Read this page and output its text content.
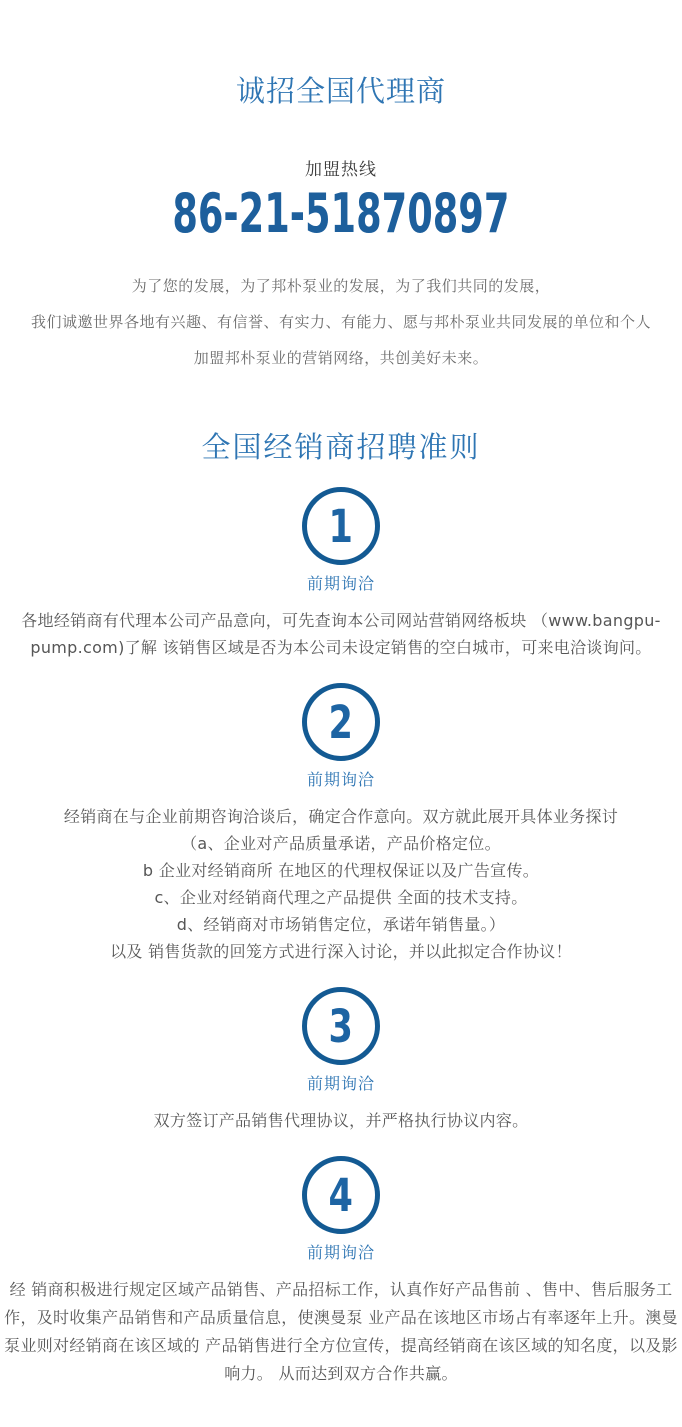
诚招全国代理商
加盟热线
86-21-51870897

为了您的发展，为了邦朴泵业的发展，为了我们共同的发展，

我们诚邀世界各地有兴趣、有信誉、有实力、有能力、愿与邦朴泵业共同发展的单位和个人

加盟邦朴泵业的营销网络，共创美好未来。

全国经销商招聘准则
1
前期询洽
各地经销商有代理本公司产品意向，可先查询本公司网站营销网络板块 （www.bangpu-pump.com)了解 该销售区域是否为本公司未设定销售的空白城市，可来电洽谈询问。
2
前期询洽
经销商在与企业前期咨询洽谈后，确定合作意向。双方就此展开具体业务探讨
（a、企业对产品质量承诺，产品价格定位。
b 企业对经销商所 在地区的代理权保证以及广告宣传。
c、企业对经销商代理之产品提供 全面的技术支持。
d、经销商对市场销售定位，承诺年销售量。）
以及 销售货款的回笼方式进行深入讨论，并以此拟定合作协议！
3
前期询洽
双方签订产品销售代理协议，并严格执行协议内容。
4
前期询洽
经 销商积极进行规定区域产品销售、产品招标工作，认真作好产品售前 、售中、售后服务工作，及时收集产品销售和产品质量信息，使澳曼泵 业产品在该地区市场占有率逐年上升。澳曼泵业则对经销商在该区域的 产品销售进行全方位宣传，提高经销商在该区域的知名度，以及影响力。 从而达到双方合作共赢。
